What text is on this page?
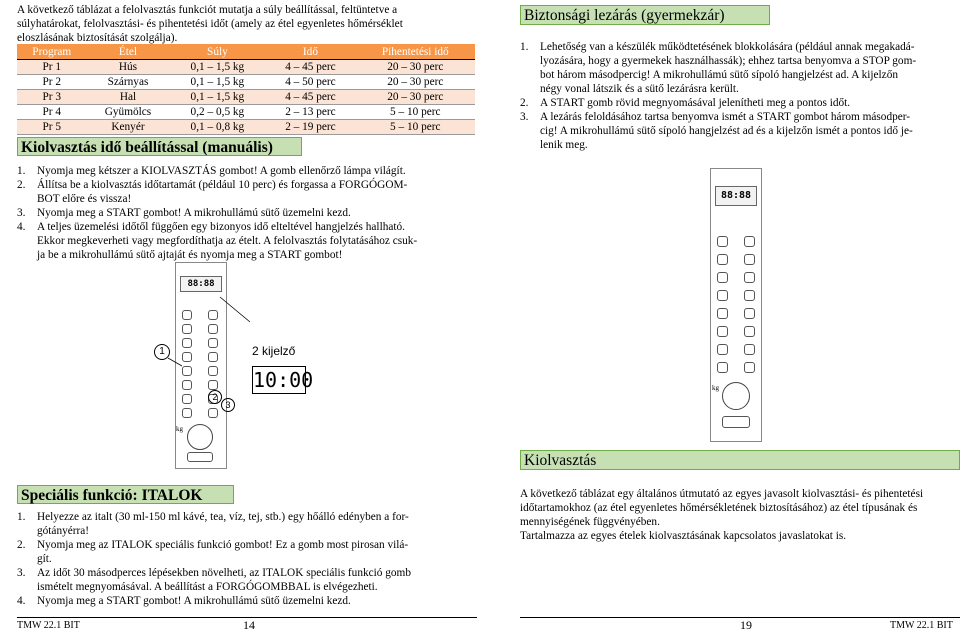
A következő táblázat a felolvasztás funkciót mutatja a súly beállítással, feltüntetve a
súlyhatárokat, felolvasztási- és pihentetési időt (amely az étel egyenletes hőmérséklet
eloszlásának biztosítását szolgálja).
Program	Étel	Súly	Idő	Pihentetési idő
Pr 1	Hús	0,1 – 1,5 kg	4 – 45 perc	20 – 30 perc
Pr 2	Szárnyas	0,1 – 1,5 kg	4 – 50 perc	20 – 30 perc
Pr 3	Hal	0,1 – 1,5 kg	4 – 45 perc	20 – 30 perc
Pr 4	Gyümölcs	0,2 – 0,5 kg	2 – 13 perc	5 – 10 perc
Pr 5	Kenyér	0,1 – 0,8 kg	2 – 19 perc	5 – 10 perc
Kiolvasztás idő beállítással (manuális)
1. Nyomja meg kétszer a KIOLVASZTÁS gombot! A gomb ellenőrző lámpa világít.
2. Állítsa be a kiolvasztás időtartamát (például 10 perc) és forgassa a FORGÓGOM-
BOT előre és vissza!
3. Nyomja meg a START gombot! A mikrohullámú sütő üzemelni kezd.
4. A teljes üzemelési időtől függően egy bizonyos idő elteltével hangjelzés hallható.
Ekkor megkeverheti vagy megfordíthatja az ételt. A felolvasztás folytatásához csuk-
ja be a mikrohullámú sütő ajtaját és nyomja meg a START gombot!
88:88
kg
1
2
3
2 kijelző
10:00
Speciális funkció: ITALOK
1. Helyezze az italt (30 ml-150 ml kávé, tea, víz, tej, stb.) egy hőálló edényben a for-
gótányérra!
2. Nyomja meg az ITALOK speciális funkció gombot! Ez a gomb most pirosan vilá-
gít.
3. Az időt 30 másodperces lépésekben növelheti, az ITALOK speciális funkció gomb
ismételt megnyomásával. A beállítást a FORGÓGOMBBAL is elvégezheti.
4. Nyomja meg a START gombot! A mikrohullámú sütő üzemelni kezd.
TMW 22.1 BIT	14
Biztonsági lezárás (gyermekzár)
1. Lehetőség van a készülék működtetésének blokkolására (például annak megakadá-
lyozására, hogy a gyermekek használhassák); ehhez tartsa benyomva a STOP gom-
bot három másodpercig! A mikrohullámú sütő sípoló hangjelzést ad. A kijelzőn
négy vonal látszik és a sütő lezárásra került.
2. A START gomb rövid megnyomásával jelenítheti meg a pontos időt.
3. A lezárás feloldásához tartsa benyomva ismét a START gombot három másodper-
cig! A mikrohullámú sütő sípoló hangjelzést ad és a kijelzőn ismét a pontos idő je-
lenik meg.
88:88
kg
Kiolvasztás
A következő táblázat egy általános útmutató az egyes javasolt kiolvasztási- és pihentetési időtartamokhoz (az étel egyenletes hőmérsékletének biztosításához) az étel típusának és mennyiségének függvényében.
Tartalmazza az egyes ételek kiolvasztásának kapcsolatos javaslatokat is.
19	TMW 22.1 BIT
